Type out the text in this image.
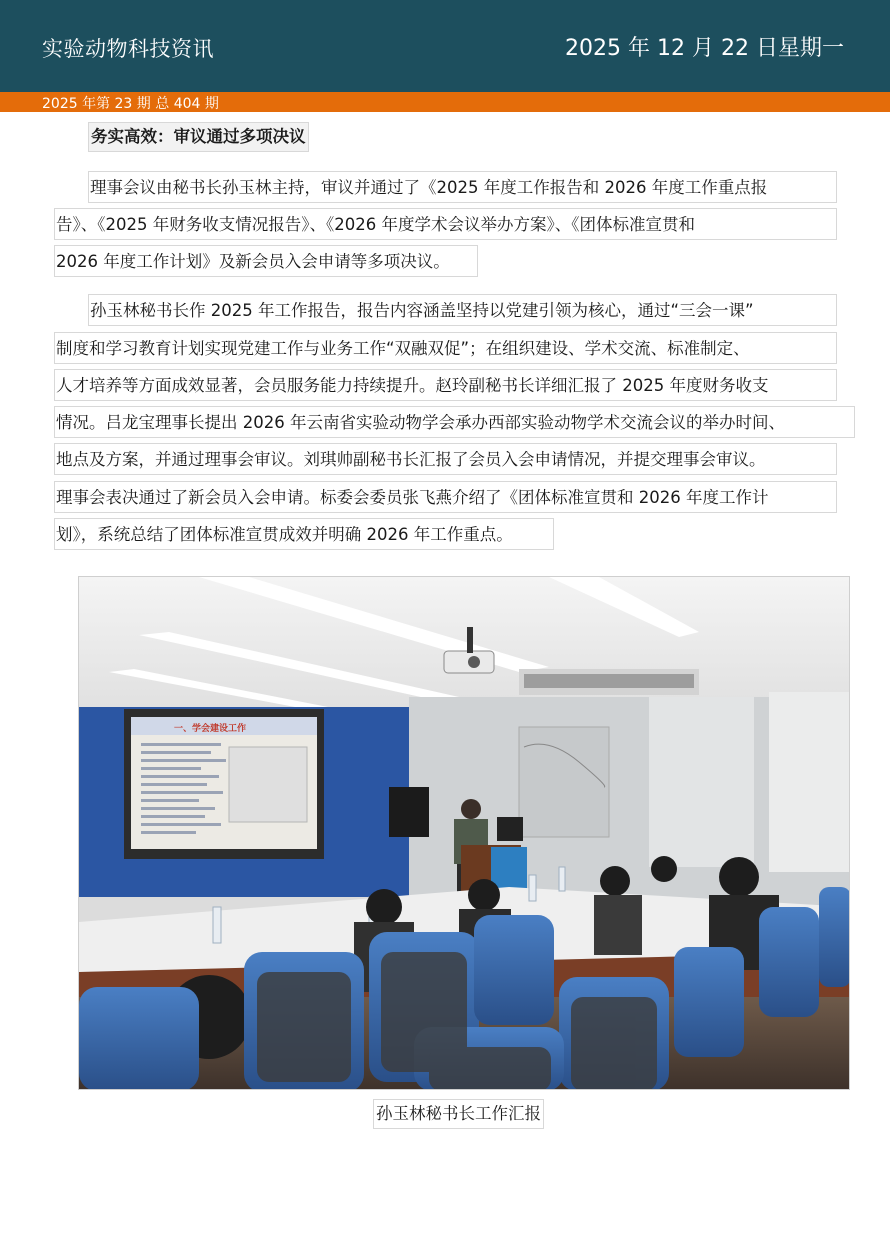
实验动物科技资讯	2025 年 12 月 22 日星期一
2025 年第 23 期 总 404 期
务实高效：审议通过多项决议
理事会议由秘书长孙玉林主持，审议并通过了《2025 年度工作报告和 2026 年度工作重点报
告》、《2025 年财务收支情况报告》、《2026 年度学术会议举办方案》、《团体标准宣贯和
2026 年度工作计划》及新会员入会申请等多项决议。
孙玉林秘书长作 2025 年工作报告，报告内容涵盖坚持以党建引领为核心，通过“三会一课”
制度和学习教育计划实现党建工作与业务工作“双融双促”；在组织建设、学术交流、标准制定、
人才培养等方面成效显著，会员服务能力持续提升。赵玲副秘书长详细汇报了 2025 年度财务收支
情况。吕龙宝理事长提出 2026 年云南省实验动物学会承办西部实验动物学术交流会议的举办时间、
地点及方案，并通过理事会审议。刘琪帅副秘书长汇报了会员入会申请情况，并提交理事会审议。
理事会表决通过了新会员入会申请。标委会委员张飞燕介绍了《团体标准宣贯和 2026 年度工作计
划》，系统总结了团体标准宣贯成效并明确 2026 年工作重点。
一、学会建设工作
孙玉林秘书长工作汇报
